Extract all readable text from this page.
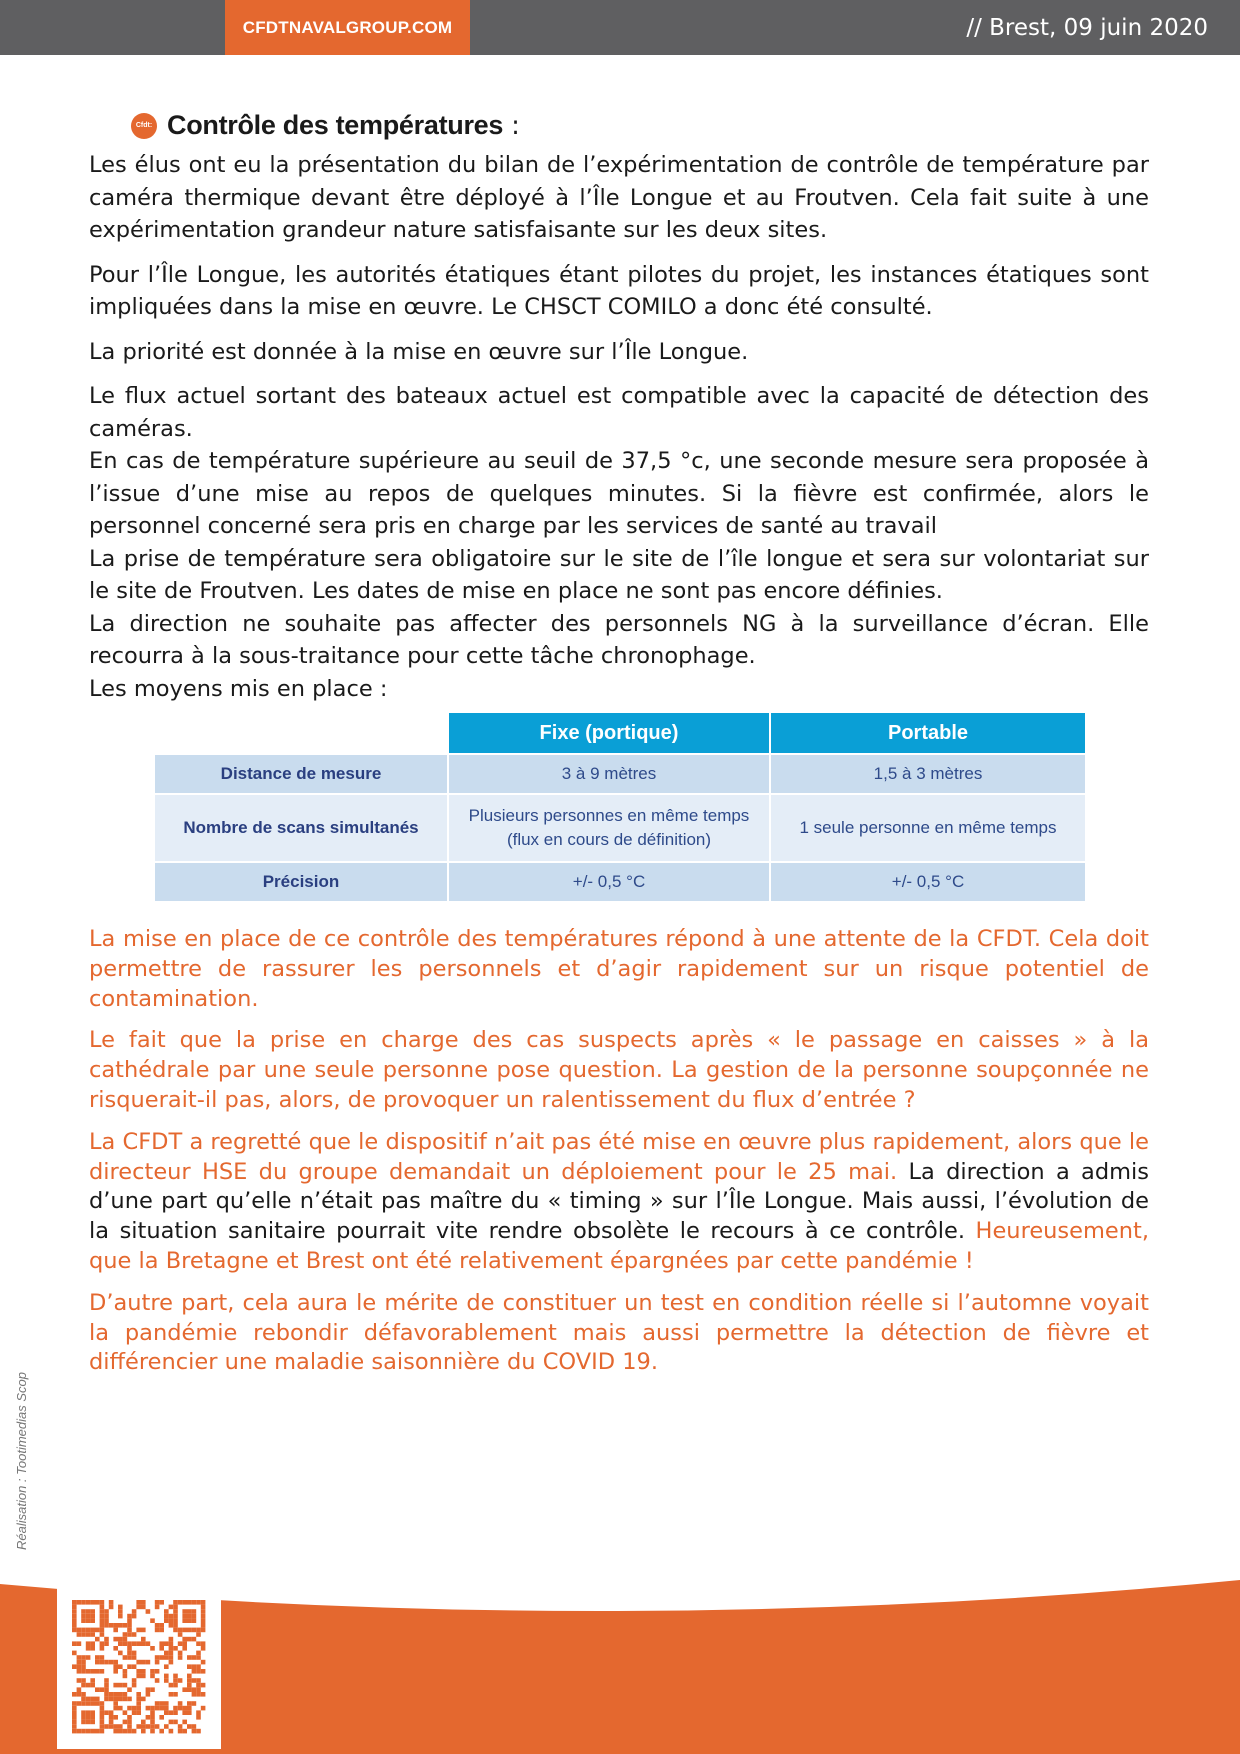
CFDTNAVALGROUP.COM	// Brest, 09 juin 2020
Cfdt: Contrôle des températures :

Les élus ont eu la présentation du bilan de l’expérimentation de contrôle de température par caméra thermique devant être déployé à l’Île Longue et au Froutven. Cela fait suite à une expérimentation grandeur nature satisfaisante sur les deux sites.

Pour l’Île Longue, les autorités étatiques étant pilotes du projet, les instances étatiques sont impliquées dans la mise en œuvre. Le CHSCT COMILO a donc été consulté.

La priorité est donnée à la mise en œuvre sur l’Île Longue.

Le flux actuel sortant des bateaux actuel est compatible avec la capacité de détection des caméras.

En cas de température supérieure au seuil de 37,5 °c, une seconde mesure sera proposée à l’issue d’une mise au repos de quelques minutes. Si la fièvre est confirmée, alors le personnel concerné sera pris en charge par les services de santé au travail

La prise de température sera obligatoire sur le site de l’île longue et sera sur volontariat sur le site de Froutven. Les dates de mise en place ne sont pas encore définies.

La direction ne souhaite pas affecter des personnels NG à la surveillance d’écran. Elle recourra à la sous-traitance pour cette tâche chronophage.

Les moyens mis en place :

	Fixe (portique)	Portable
Distance de mesure	3 à 9 mètres	1,5 à 3 mètres
Nombre de scans simultanés	Plusieurs personnes en même temps (flux en cours de définition)	1 seule personne en même temps
Précision	+/- 0,5 °C	+/- 0,5 °C

La mise en place de ce contrôle des températures répond à une attente de la CFDT. Cela doit permettre de rassurer les personnels et d’agir rapidement sur un risque potentiel de contamination.

Le fait que la prise en charge des cas suspects après « le passage en caisses » à la cathédrale par une seule personne pose question. La gestion de la personne soupçonnée ne risquerait-il pas, alors, de provoquer un ralentissement du flux d’entrée ?

La CFDT a regretté que le dispositif n’ait pas été mise en œuvre plus rapidement, alors que le directeur HSE du groupe demandait un déploiement pour le 25 mai. La direction a admis d’une part qu’elle n’était pas maître du « timing » sur l’Île Longue. Mais aussi, l’évolution de la situation sanitaire pourrait vite rendre obsolète le recours à ce contrôle. Heureusement, que la Bretagne et Brest ont été relativement épargnées par cette pandémie !

D’autre part, cela aura le mérite de constituer un test en condition réelle si l’automne voyait la pandémie rebondir défavorablement mais aussi permettre la détection de fièvre et différencier une maladie saisonnière du COVID 19.

Réalisation : Tootimedias Scop
